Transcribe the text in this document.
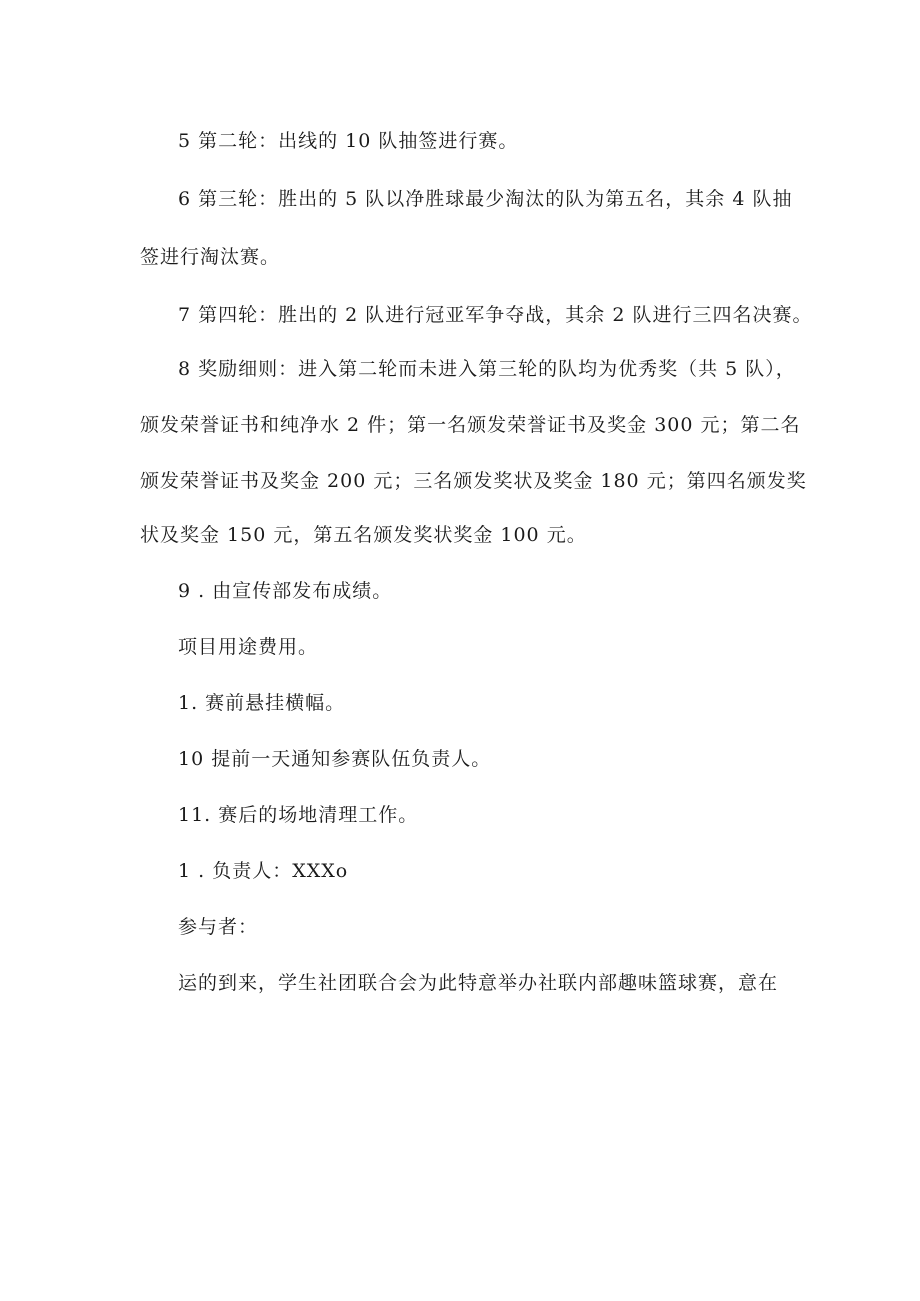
5 第二轮：出线的 10 队抽签进行赛。

6 第三轮：胜出的 5 队以净胜球最少淘汰的队为第五名，其余 4 队抽

签进行淘汰赛。

7 第四轮：胜出的 2 队进行冠亚军争夺战，其余 2 队进行三四名决赛。

8 奖励细则：进入第二轮而未进入第三轮的队均为优秀奖（共 5 队），

颁发荣誉证书和纯净水 2 件；第一名颁发荣誉证书及奖金 300 元；第二名

颁发荣誉证书及奖金 200 元；三名颁发奖状及奖金 180 元；第四名颁发奖

状及奖金 150 元，第五名颁发奖状奖金 100 元。

9 . 由宣传部发布成绩。

项目用途费用。

1. 赛前悬挂横幅。

10 提前一天通知参赛队伍负责人。

11. 赛后的场地清理工作。

1 . 负责人：XXXo

参与者：

运的到来，学生社团联合会为此特意举办社联内部趣味篮球赛，意在
